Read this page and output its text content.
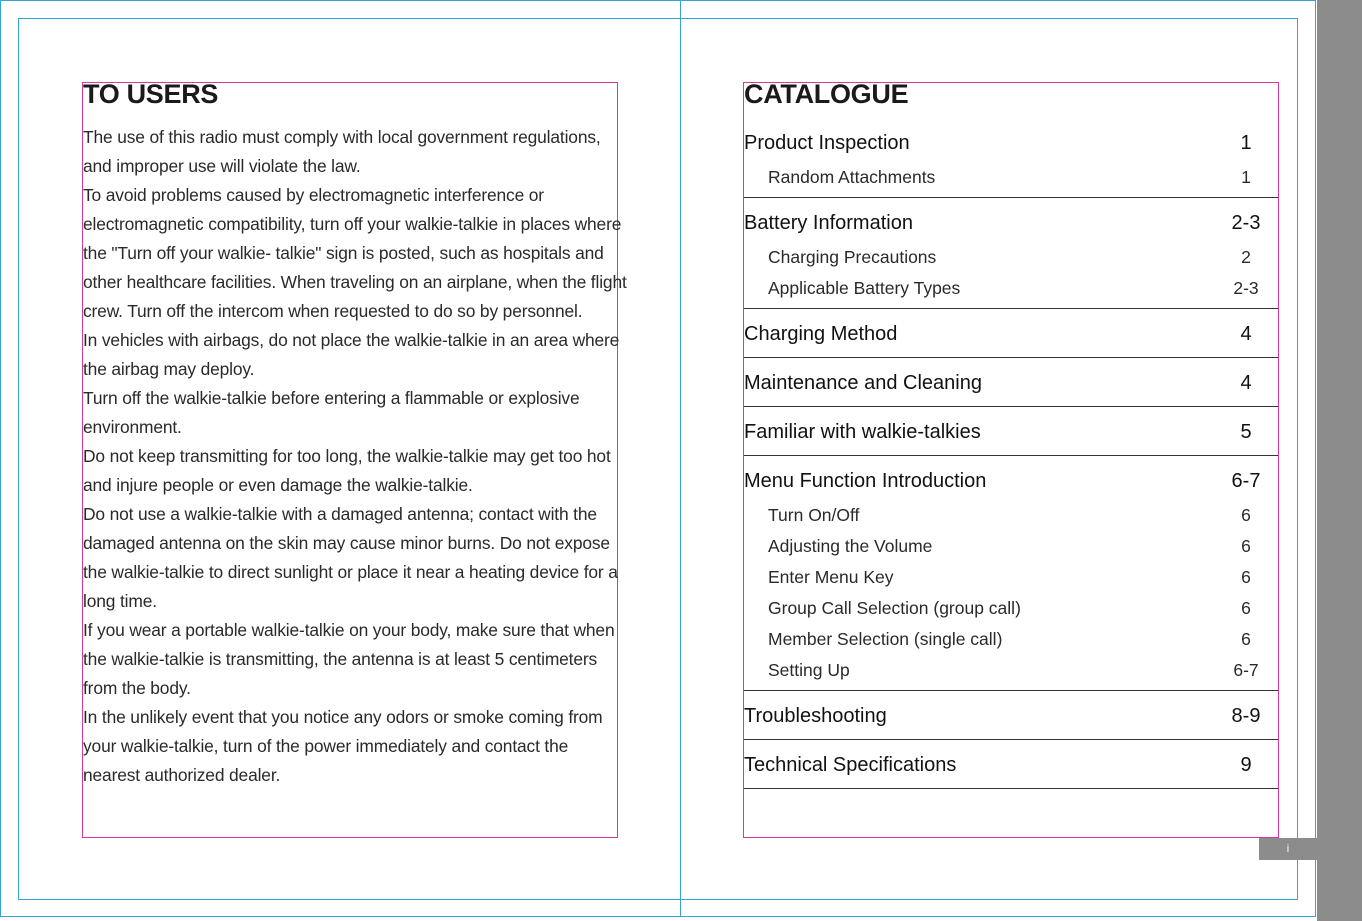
i
TO USERS

The use of this radio must comply with local government regulations, and improper use will violate the law.

To avoid problems caused by electromagnetic interference or electromagnetic compatibility, turn off your walkie-talkie in places where the "Turn off your walkie- talkie" sign is posted, such as hospitals and other healthcare facilities. When traveling on an airplane, when the flight crew. Turn off the intercom when requested to do so by personnel.

In vehicles with airbags, do not place the walkie-talkie in an area where the airbag may deploy.

Turn off the walkie-talkie before entering a flammable or explosive environment.

Do not keep transmitting for too long, the walkie-talkie may get too hot and injure people or even damage the walkie-talkie.

Do not use a walkie-talkie with a damaged antenna; contact with the damaged antenna on the skin may cause minor burns. Do not expose the walkie-talkie to direct sunlight or place it near a heating device for a long time.

If you wear a portable walkie-talkie on your body, make sure that when the walkie-talkie is transmitting, the antenna is at least 5 centimeters from the body.

In the unlikely event that you notice any odors or smoke coming from your walkie-talkie, turn of the power immediately and contact the nearest authorized dealer.

CATALOGUE
Product Inspection	1
Random Attachments	1
Battery Information	2-3
Charging Precautions	2
Applicable Battery Types	2-3
Charging Method	4
Maintenance and Cleaning	4
Familiar with walkie-talkies	5
Menu Function Introduction	6-7
Turn On/Off	6
Adjusting the Volume	6
Enter Menu Key	6
Group Call Selection (group call)	6
Member Selection (single call)	6
Setting Up	6-7
Troubleshooting	8-9
Technical Specifications	9
